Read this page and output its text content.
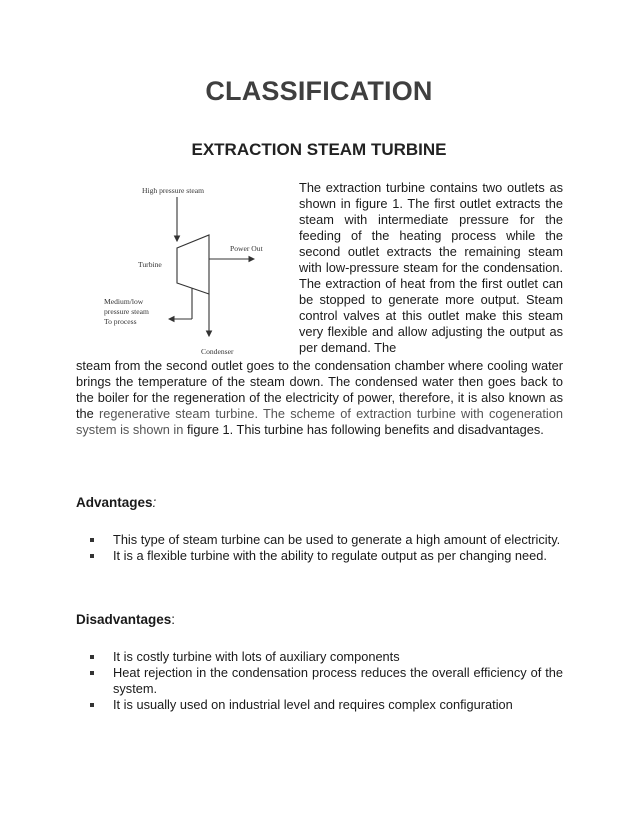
CLASSIFICATION
EXTRACTION STEAM TURBINE
High pressure steam
Power Out
Turbine
Medium/low
pressure steam
To process
Condenser

The extraction turbine contains two outlets as shown in figure 1. The first outlet extracts the steam with intermediate pressure for the feeding of the heating process while the second outlet extracts the remaining steam with low-pressure steam for the condensation. The extraction of heat from the first outlet can be stopped to generate more output. Steam control valves at this outlet make this steam very flexible and allow adjusting the output as per demand. The

steam from the second outlet goes to the condensation chamber where cooling water brings the temperature of the steam down. The condensed water then goes back to the boiler for the regeneration of the electricity of power, therefore, it is also known as the regenerative steam turbine. The scheme of extraction turbine with cogeneration system is shown in figure 1. This turbine has following benefits and disadvantages.

Advantages:

This type of steam turbine can be used to generate a high amount of electricity.
It is a flexible turbine with the ability to regulate output as per changing need.

Disadvantages:

It is costly turbine with lots of auxiliary components
Heat rejection in the condensation process reduces the overall efficiency of the system.
It is usually used on industrial level and requires complex configuration
